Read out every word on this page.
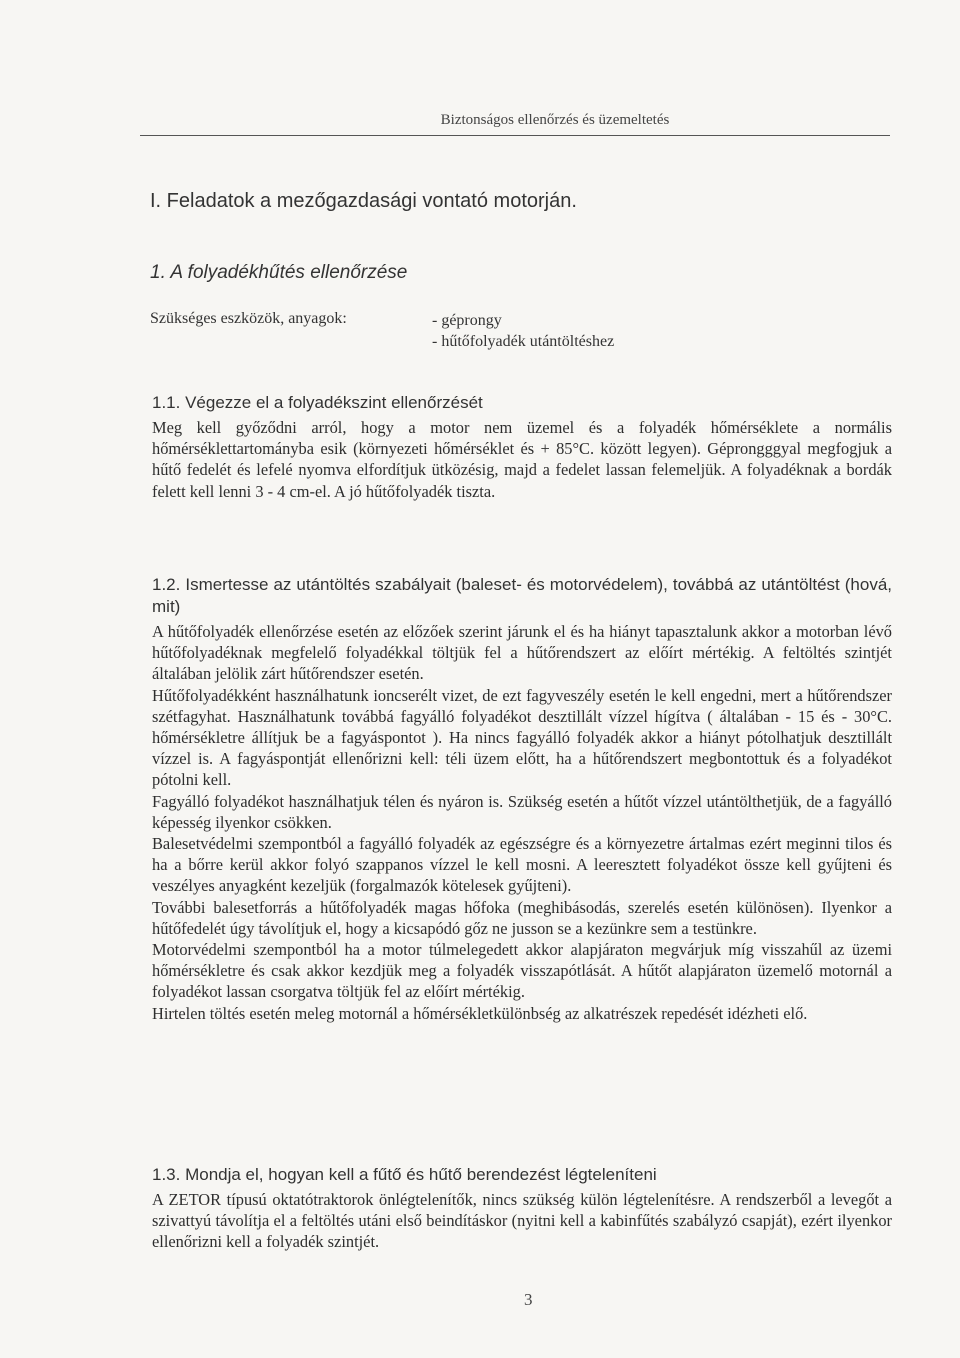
Biztonságos ellenőrzés és üzemeltetés
I. Feladatok a mezőgazdasági vontató motorján.
1. A folyadékhűtés ellenőrzése
Szükséges eszközök, anyagok:	- géprongy
- hűtőfolyadék utántöltéshez
1.1. Végezze el a folyadékszint ellenőrzését

Meg kell győződni arról, hogy a motor nem üzemel és a folyadék hőmérséklete a normális hőmérséklettartományba esik (környezeti hőmérséklet és + 85°C. között legyen). Géprongggyal megfogjuk a hűtő fedelét és lefelé nyomva elfordítjuk ütközésig, majd a fedelet lassan felemeljük. A folyadéknak a bordák felett kell lenni 3 - 4 cm-el. A jó hűtőfolyadék tiszta.

1.2. Ismertesse az utántöltés szabályait (baleset- és motorvédelem), továbbá az utántöltést (hová, mit)

A hűtőfolyadék ellenőrzése esetén az előzőek szerint járunk el és ha hiányt tapasztalunk akkor a motorban lévő hűtőfolyadéknak megfelelő folyadékkal töltjük fel a hűtőrendszert az előírt mértékig. A feltöltés szintjét általában jelölik zárt hűtőrendszer esetén.

Hűtőfolyadékként használhatunk ioncserélt vizet, de ezt fagyveszély esetén le kell engedni, mert a hűtőrendszer szétfagyhat. Használhatunk továbbá fagyálló folyadékot desztillált vízzel hígítva ( általában - 15 és - 30°C. hőmérsékletre állítjuk be a fagyáspontot ). Ha nincs fagyálló folyadék akkor a hiányt pótolhatjuk desztillált vízzel is. A fagyáspontját ellenőrizni kell: téli üzem előtt, ha a hűtőrendszert megbontottuk és a folyadékot pótolni kell.

Fagyálló folyadékot használhatjuk télen és nyáron is. Szükség esetén a hűtőt vízzel utántölthetjük, de a fagyálló képesség ilyenkor csökken.

Balesetvédelmi szempontból a fagyálló folyadék az egészségre és a környezetre ártalmas ezért meginni tilos és ha a bőrre kerül akkor folyó szappanos vízzel le kell mosni. A leeresztett folyadékot össze kell gyűjteni és veszélyes anyagként kezeljük (forgalmazók kötelesek gyűjteni).

További balesetforrás a hűtőfolyadék magas hőfoka (meghibásodás, szerelés esetén különösen). Ilyenkor a hűtőfedelét úgy távolítjuk el, hogy a kicsapódó gőz ne jusson se a kezünkre sem a testünkre.

Motorvédelmi szempontból ha a motor túlmelegedett akkor alapjáraton megvárjuk míg visszahűl az üzemi hőmérsékletre és csak akkor kezdjük meg a folyadék visszapótlását. A hűtőt alapjáraton üzemelő motornál a folyadékot lassan csorgatva töltjük fel az előírt mértékig.

Hirtelen töltés esetén meleg motornál a hőmérsékletkülönbség az alkatrészek repedését idézheti elő.

1.3. Mondja el, hogyan kell a fűtő és hűtő berendezést légteleníteni

A ZETOR típusú oktatótraktorok önlégtelenítők, nincs szükség külön légtelenítésre. A rendszerből a levegőt a szivattyú távolítja el a feltöltés utáni első beindításkor (nyitni kell a kabinfűtés szabályzó csapját), ezért ilyenkor ellenőrizni kell a folyadék szintjét.

3
